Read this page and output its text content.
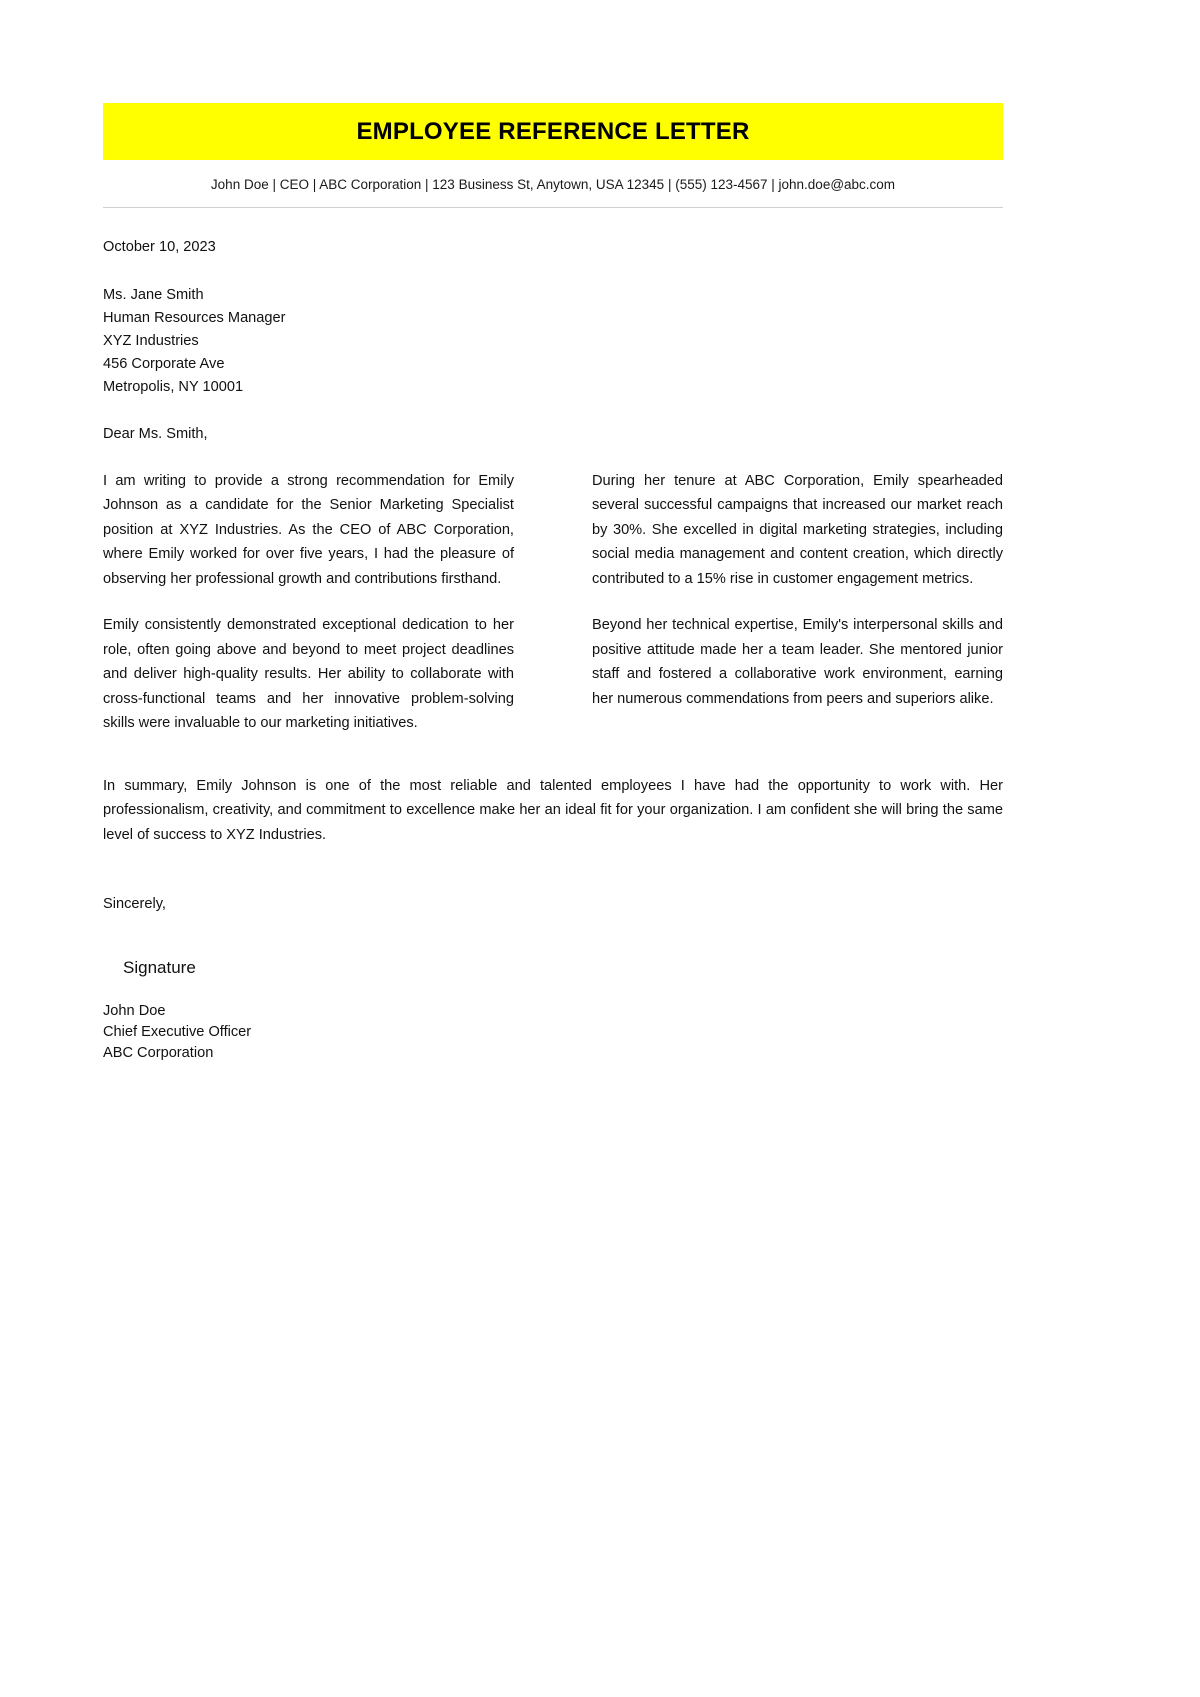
EMPLOYEE REFERENCE LETTER
John Doe | CEO | ABC Corporation | 123 Business St, Anytown, USA 12345 | (555) 123-4567 | john.doe@abc.com
October 10, 2023
Ms. Jane Smith
Human Resources Manager
XYZ Industries
456 Corporate Ave
Metropolis, NY 10001
Dear Ms. Smith,

I am writing to provide a strong recommendation for Emily Johnson as a candidate for the Senior Marketing Specialist position at XYZ Industries. As the CEO of ABC Corporation, where Emily worked for over five years, I had the pleasure of observing her professional growth and contributions firsthand.

Emily consistently demonstrated exceptional dedication to her role, often going above and beyond to meet project deadlines and deliver high-quality results. Her ability to collaborate with cross-functional teams and her innovative problem-solving skills were invaluable to our marketing initiatives.

During her tenure at ABC Corporation, Emily spearheaded several successful campaigns that increased our market reach by 30%. She excelled in digital marketing strategies, including social media management and content creation, which directly contributed to a 15% rise in customer engagement metrics.

Beyond her technical expertise, Emily's interpersonal skills and positive attitude made her a team leader. She mentored junior staff and fostered a collaborative work environment, earning her numerous commendations from peers and superiors alike.

In summary, Emily Johnson is one of the most reliable and talented employees I have had the opportunity to work with. Her professionalism, creativity, and commitment to excellence make her an ideal fit for your organization. I am confident she will bring the same level of success to XYZ Industries.
Sincerely,
Signature
John Doe
Chief Executive Officer
ABC Corporation
